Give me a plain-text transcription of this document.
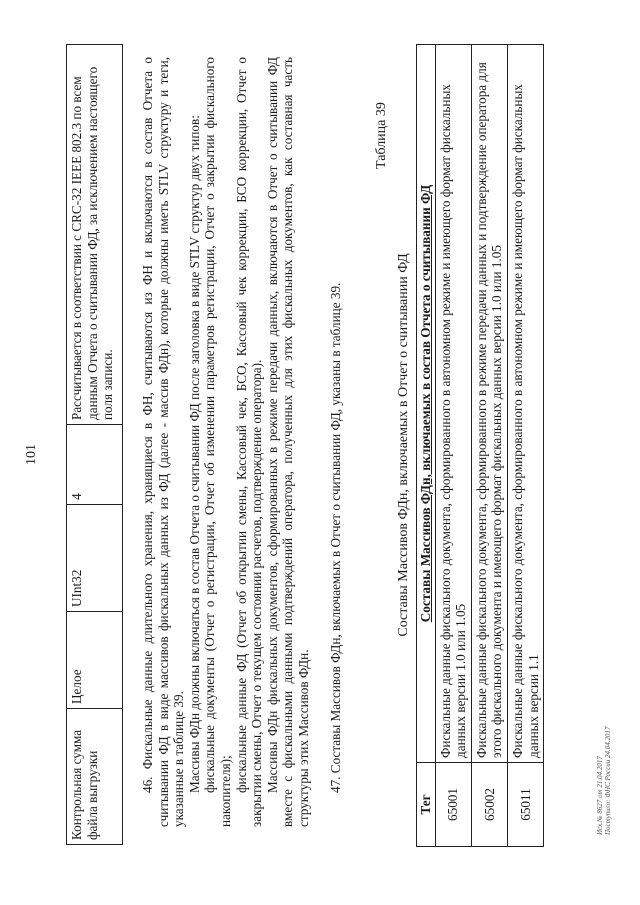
101
Контрольная сумма файла выгрузки	Целое	UInt32	4	Рассчитывается в соответствии с CRC-32 IEEE 802.3 по всем данным Отчета о считывании ФД, за исключением настоящего поля записи.

46. Фискальные данные длительного хранения, хранящиеся в ФН, считываются из ФН и включаются в состав Отчета о считывании ФД в виде массивов фискальных данных из ФД (далее - массив ФДн), которые должны иметь STLV структуру и теги, указанные в таблице 39. Массивы ФДн должны включаться в состав Отчета о считывании ФД после заголовка в виде STLV структур двух типов: фискальные документы (Отчет о регистрации, Отчет об изменении параметров регистрации, Отчет о закрытии фискального накопителя); фискальные данные ФД (Отчет об открытии смены, Кассовый чек, БСО, Кассовый чек коррекции, БСО коррекции, Отчет о закрытии смены, Отчет о текущем состоянии расчетов, подтверждение оператора). Массивы ФДн фискальных документов, сформированных в режиме передачи данных, включаются в Отчет о считывании ФД вместе с фискальными данными подтверждений оператора, полученных для этих фискальных документов, как составная часть структуры этих Массивов ФДн. 47. Составы Массивов ФДн, включаемых в Отчет о считывании ФД, указаны в таблице 39.

Таблица 39
Составы Массивов ФДн, включаемых в Отчет о считывании ФД
Тег	Составы Массивов ФДн, включаемых в состав Отчета о считывании ФД
65001	Фискальные данные фискального документа, сформированного в автономном режиме и имеющего формат фискальных данных версии 1.0 или 1.05
65002	Фискальные данные фискального документа, сформированного в режиме передачи данных и подтверждение оператора для этого фискального документа и имеющего формат фискальных данных версии 1.0 или 1.05
65011	Фискальные данные фискального документа, сформированного в автономном режиме и имеющего формат фискальных данных версии 1.1
Исх.№ 8627 от 21.04.2017 Поступило: ФНС России 24.04.2017
